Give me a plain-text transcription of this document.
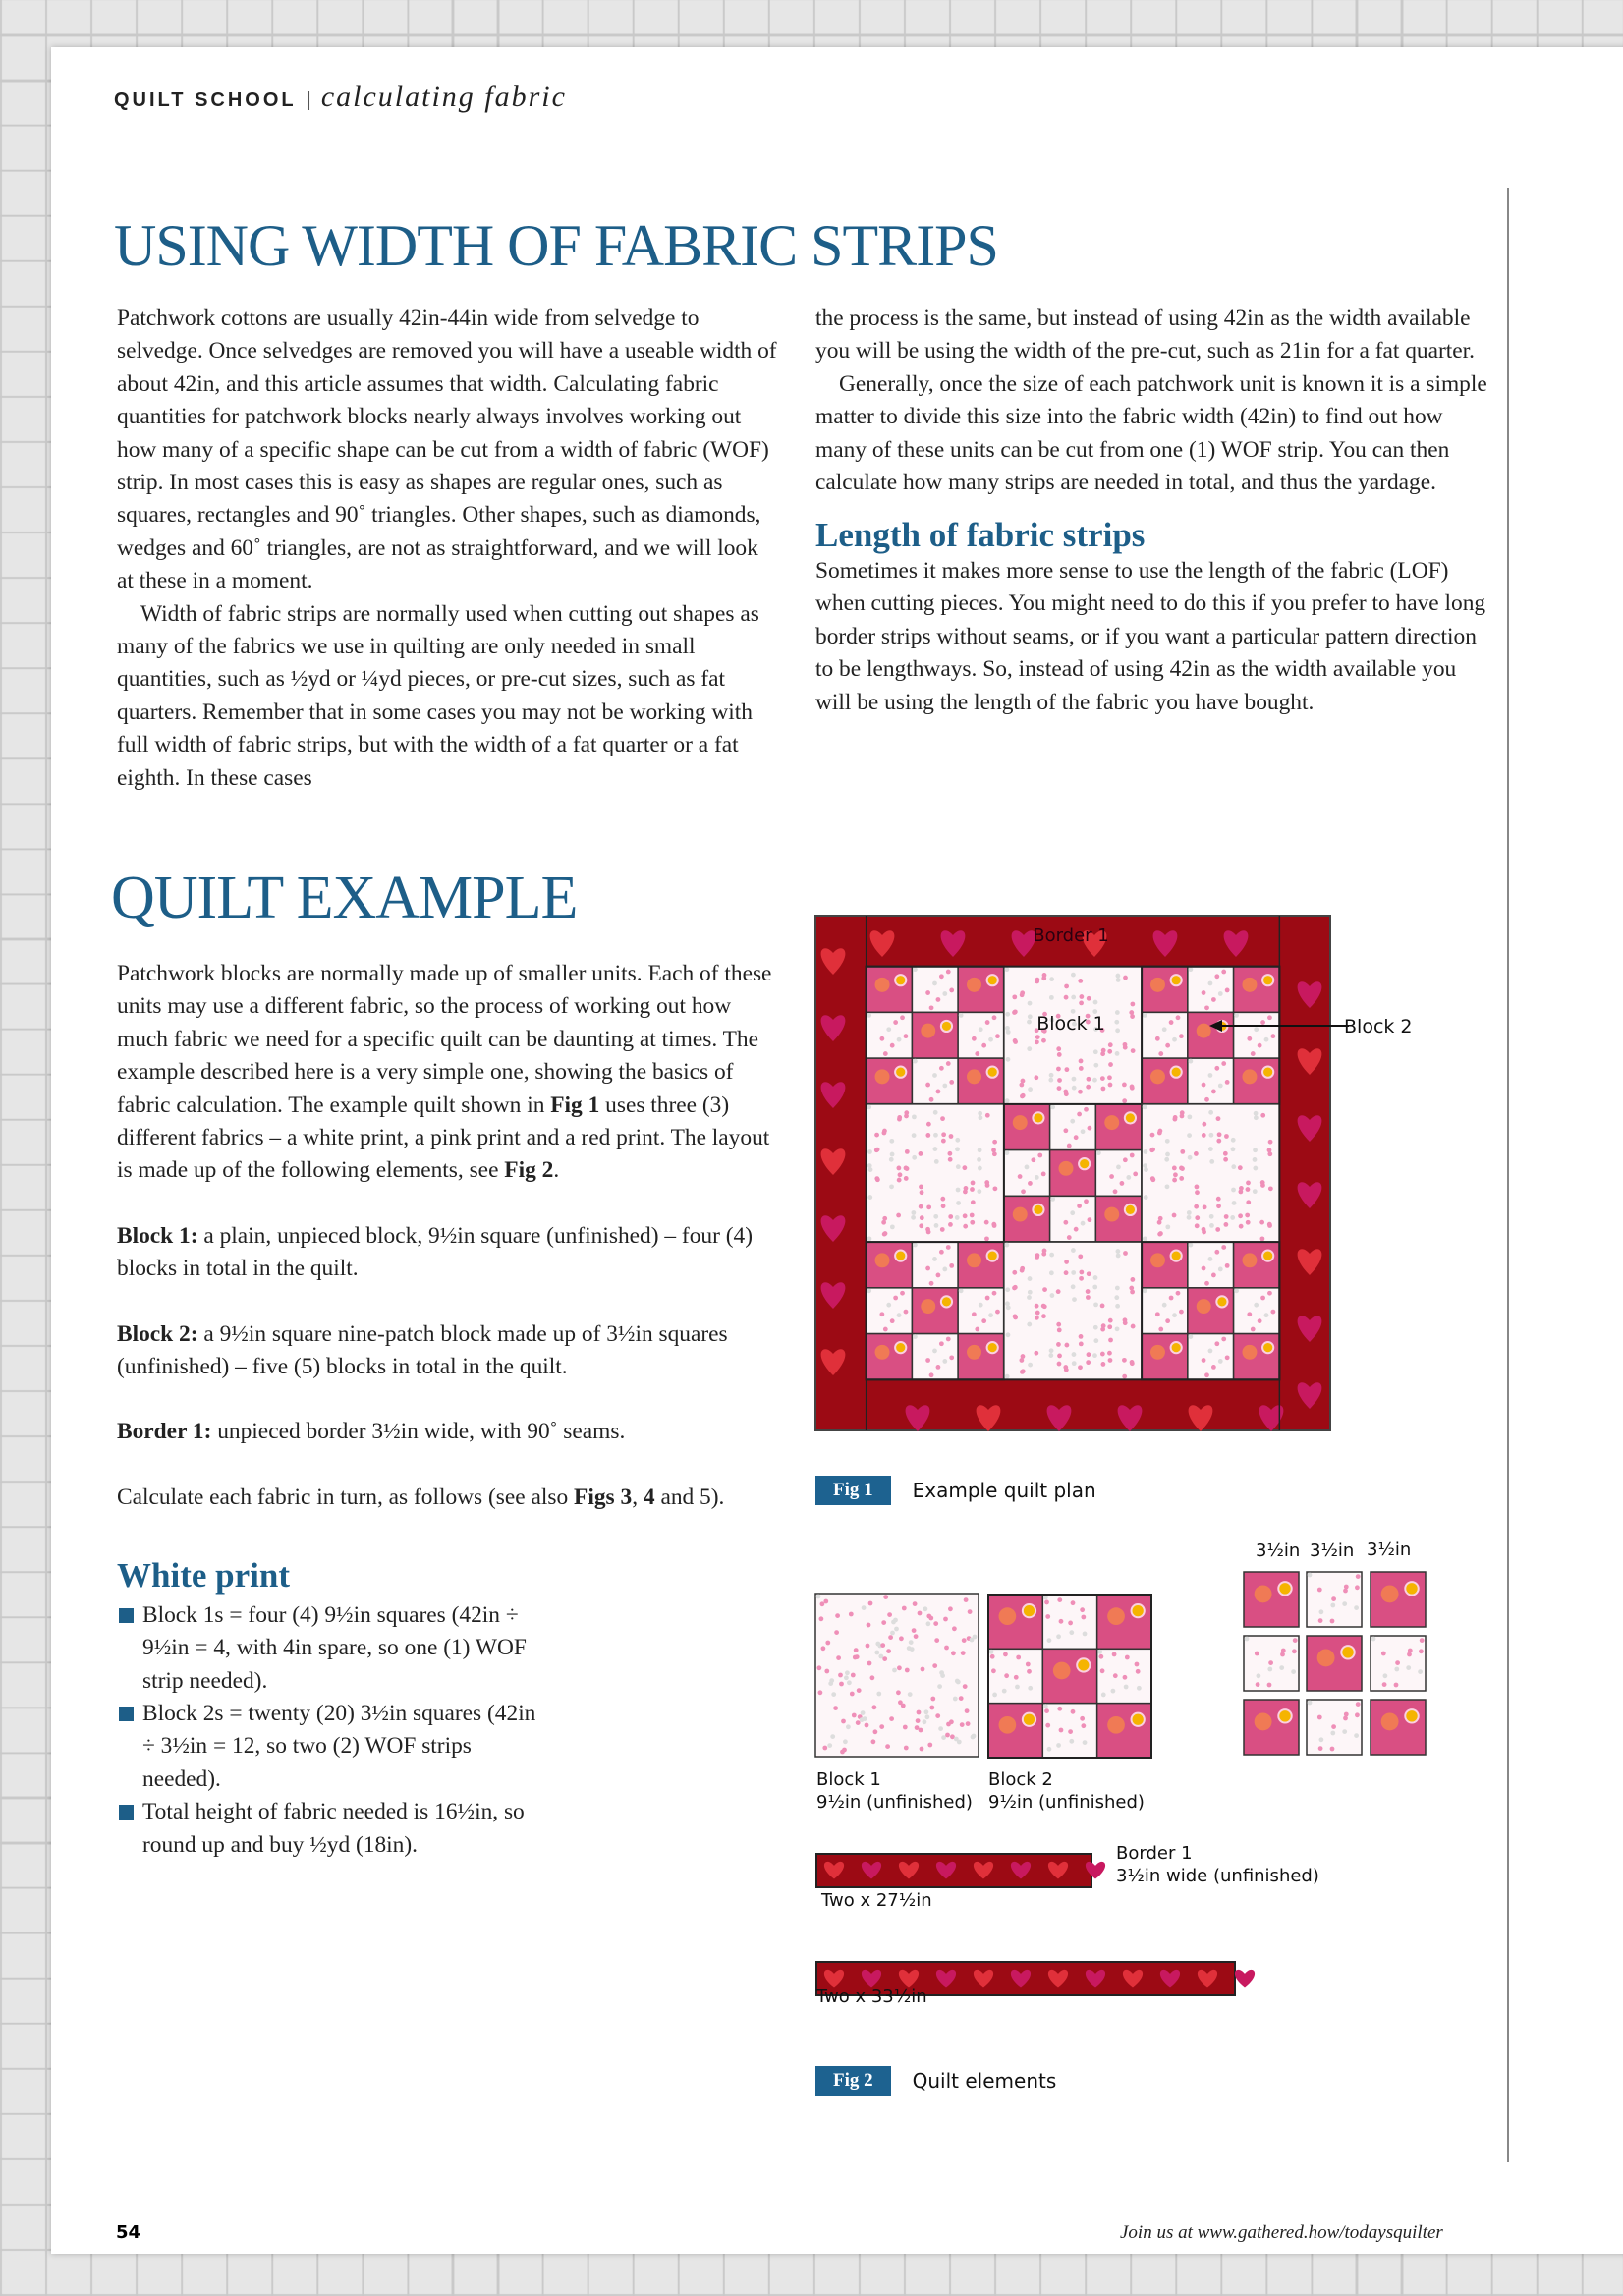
QUILT SCHOOL | calculating fabric
USING WIDTH OF FABRIC STRIPS

Patchwork cottons are usually 42in-44in wide from selvedge to selvedge. Once selvedges are removed you will have a useable width of about 42in, and this article assumes that width. Calculating fabric quantities for patchwork blocks nearly always involves working out how many of a specific shape can be cut from a width of fabric (WOF) strip. In most cases this is easy as shapes are regular ones, such as squares, rectangles and 90˚ triangles. Other shapes, such as diamonds, wedges and 60˚ triangles, are not as straightforward, and we will look at these in a moment.

Width of fabric strips are normally used when cutting out shapes as many of the fabrics we use in quilting are only needed in small quantities, such as ½yd or ¼yd pieces, or pre-cut sizes, such as fat quarters. Remember that in some cases you may not be working with full width of fabric strips, but with the width of a fat quarter or a fat eighth. In these cases

the process is the same, but instead of using 42in as the width available you will be using the width of the pre-cut, such as 21in for a fat quarter.

Generally, once the size of each patchwork unit is known it is a simple matter to divide this size into the fabric width (42in) to find out how many of these units can be cut from one (1) WOF strip. You can then calculate how many strips are needed in total, and thus the yardage.

Length of fabric strips

Sometimes it makes more sense to use the length of the fabric (LOF) when cutting pieces. You might need to do this if you prefer to have long border strips without seams, or if you want a particular pattern direction to be lengthways. So, instead of using 42in as the width available you will be using the length of the fabric you have bought.

QUILT EXAMPLE

Patchwork blocks are normally made up of smaller units. Each of these units may use a different fabric, so the process of working out how much fabric we need for a specific quilt can be daunting at times. The example described here is a very simple one, showing the basics of fabric calculation. The example quilt shown in Fig 1 uses three (3) different fabrics – a white print, a pink print and a red print. The layout is made up of the following elements, see Fig 2.

Block 1: a plain, unpieced block, 9½in square (unfinished) – four (4) blocks in total in the quilt.

Block 2: a 9½in square nine-patch block made up of 3½in squares (unfinished) – five (5) blocks in total in the quilt.

Border 1: unpieced border 3½in wide, with 90˚ seams.

Calculate each fabric in turn, as follows (see also Figs 3, 4 and 5).

White print
Block 1s = four (4) 9½in squares (42in ÷ 9½in = 4, with 4in spare, so one (1) WOF strip needed).
Block 2s = twenty (20) 3½in squares (42in ÷ 3½in = 12, so two (2) WOF strips needed).
Total height of fabric needed is 16½in, so round up and buy ½yd (18in).
Border 1
Block 1	Block 2
Fig 1	Example quilt plan
3½in 3½in 3½in
Block 1
9½in (unfinished)
Block 2
9½in (unfinished)
Border 1
3½in wide (unfinished)
Two x 27½in
Two x 33½in
Fig 2	Quilt elements
54	Join us at www.gathered.how/todaysquilter
